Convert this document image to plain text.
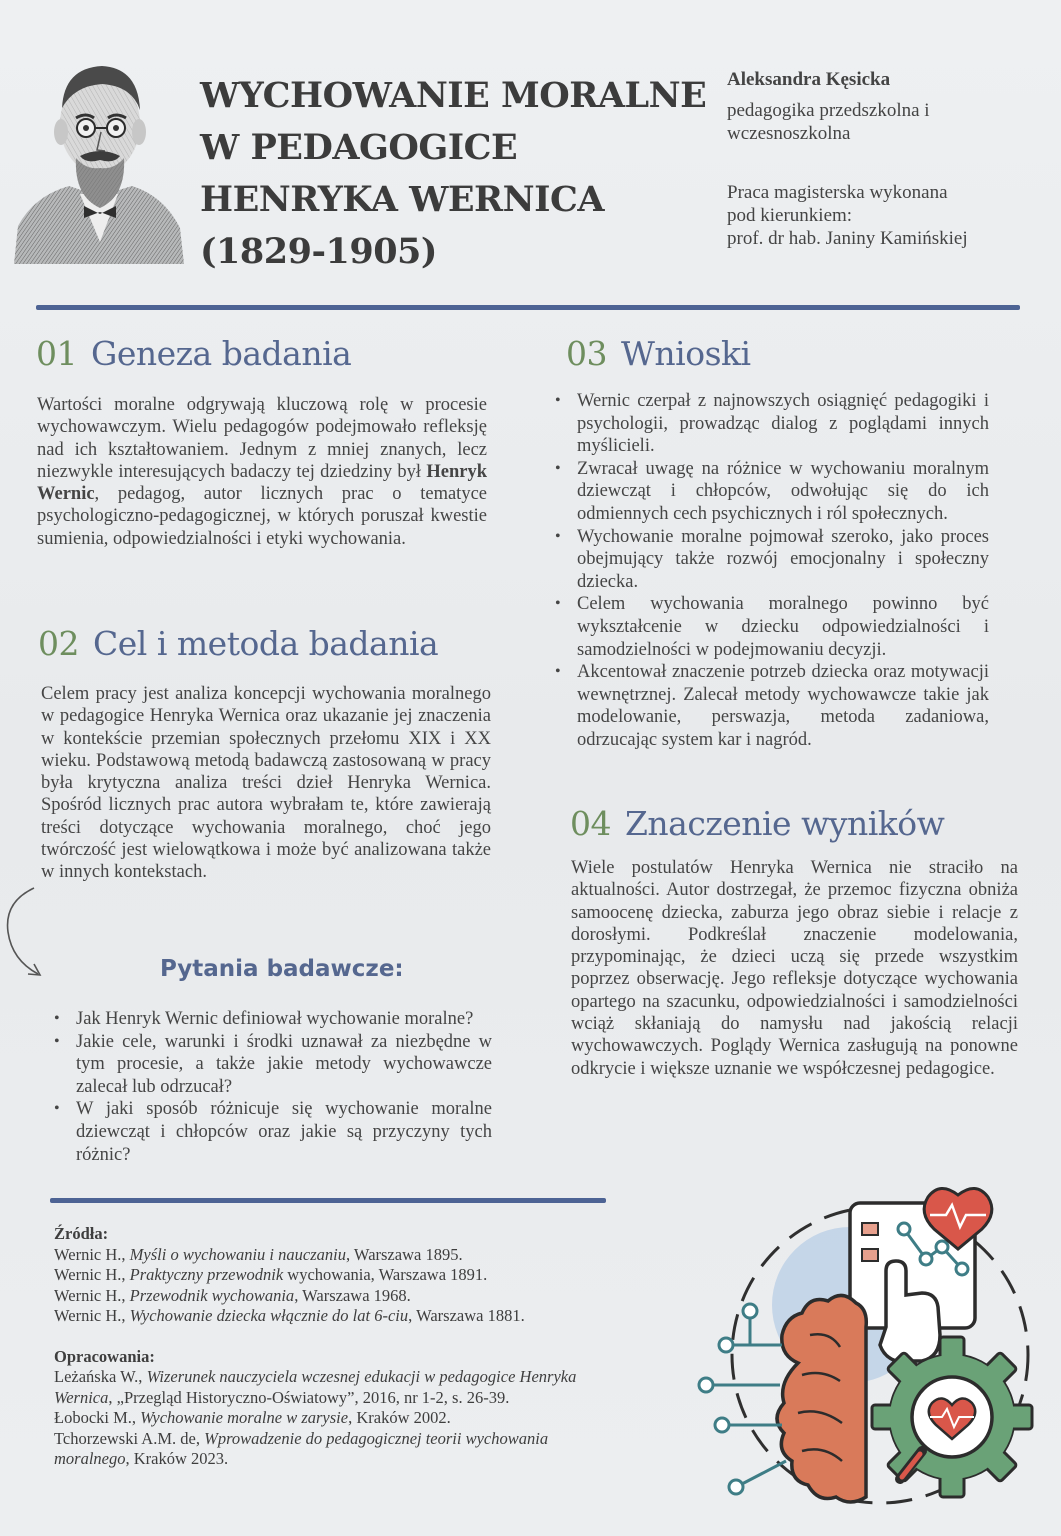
WYCHOWANIE MORALNE
W PEDAGOGICE
HENRYKA WERNICA
(1829-1905)
Aleksandra Kęsicka
pedagogika przedszkolna i
wczesnoszkolna
Praca magisterska wykonana
pod kierunkiem:
prof. dr hab. Janiny Kamińskiej
01 Geneza badania
Wartości moralne odgrywają kluczową rolę w procesie wychowawczym. Wielu pedagogów podejmowało refleksję nad ich kształtowaniem. Jednym z mniej znanych, lecz niezwykle interesujących badaczy tej dziedziny był Henryk Wernic, pedagog, autor licznych prac o tematyce psychologiczno-pedagogicznej, w których poruszał kwestie sumienia, odpowiedzialności i etyki wychowania.
02 Cel i metoda badania
Celem pracy jest analiza koncepcji wychowania moralnego w pedagogice Henryka Wernica oraz ukazanie jej znaczenia w kontekście przemian społecznych przełomu XIX i XX wieku. Podstawową metodą badawczą zastosowaną w pracy była krytyczna analiza treści dzieł Henryka Wernica. Spośród licznych prac autora wybrałam te, które zawierają treści dotyczące wychowania moralnego, choć jego twórczość jest wielowątkowa i może być analizowana także w innych kontekstach.
Pytania badawcze:
• Jak Henryk Wernic definiował wychowanie moralne?
• Jakie cele, warunki i środki uznawał za niezbędne w tym procesie, a także jakie metody wychowawcze zalecał lub odrzucał?
• W jaki sposób różnicuje się wychowanie moralne dziewcząt i chłopców oraz jakie są przyczyny tych różnic?
Źródła:
Wernic H., Myśli o wychowaniu i nauczaniu, Warszawa 1895.
Wernic H., Praktyczny przewodnik wychowania, Warszawa 1891.
Wernic H., Przewodnik wychowania, Warszawa 1968.
Wernic H., Wychowanie dziecka włącznie do lat 6-ciu, Warszawa 1881.
Opracowania:
Leżańska W., Wizerunek nauczyciela wczesnej edukacji w pedagogice Henryka Wernica, „Przegląd Historyczno-Oświatowy”, 2016, nr 1-2, s. 26-39.
Łobocki M., Wychowanie moralne w zarysie, Kraków 2002.
Tchorzewski A.M. de, Wprowadzenie do pedagogicznej teorii wychowania moralnego, Kraków 2023.
03 Wnioski
• Wernic czerpał z najnowszych osiągnięć pedagogiki i psychologii, prowadząc dialog z poglądami innych myślicieli.
• Zwracał uwagę na różnice w wychowaniu moralnym dziewcząt i chłopców, odwołując się do ich odmiennych cech psychicznych i ról społecznych.
• Wychowanie moralne pojmował szeroko, jako proces obejmujący także rozwój emocjonalny i społeczny dziecka.
• Celem wychowania moralnego powinno być wykształcenie w dziecku odpowiedzialności i samodzielności w podejmowaniu decyzji.
• Akcentował znaczenie potrzeb dziecka oraz motywacji wewnętrznej. Zalecał metody wychowawcze takie jak modelowanie, perswazja, metoda zadaniowa, odrzucając system kar i nagród.
04 Znaczenie wyników
Wiele postulatów Henryka Wernica nie straciło na aktualności. Autor dostrzegał, że przemoc fizyczna obniża samoocenę dziecka, zaburza jego obraz siebie i relacje z dorosłymi. Podkreślał znaczenie modelowania, przypominając, że dzieci uczą się przede wszystkim poprzez obserwację. Jego refleksje dotyczące wychowania opartego na szacunku, odpowiedzialności i samodzielności wciąż skłaniają do namysłu nad jakością relacji wychowawczych. Poglądy Wernica zasługują na ponowne odkrycie i większe uznanie we współczesnej pedagogice.
